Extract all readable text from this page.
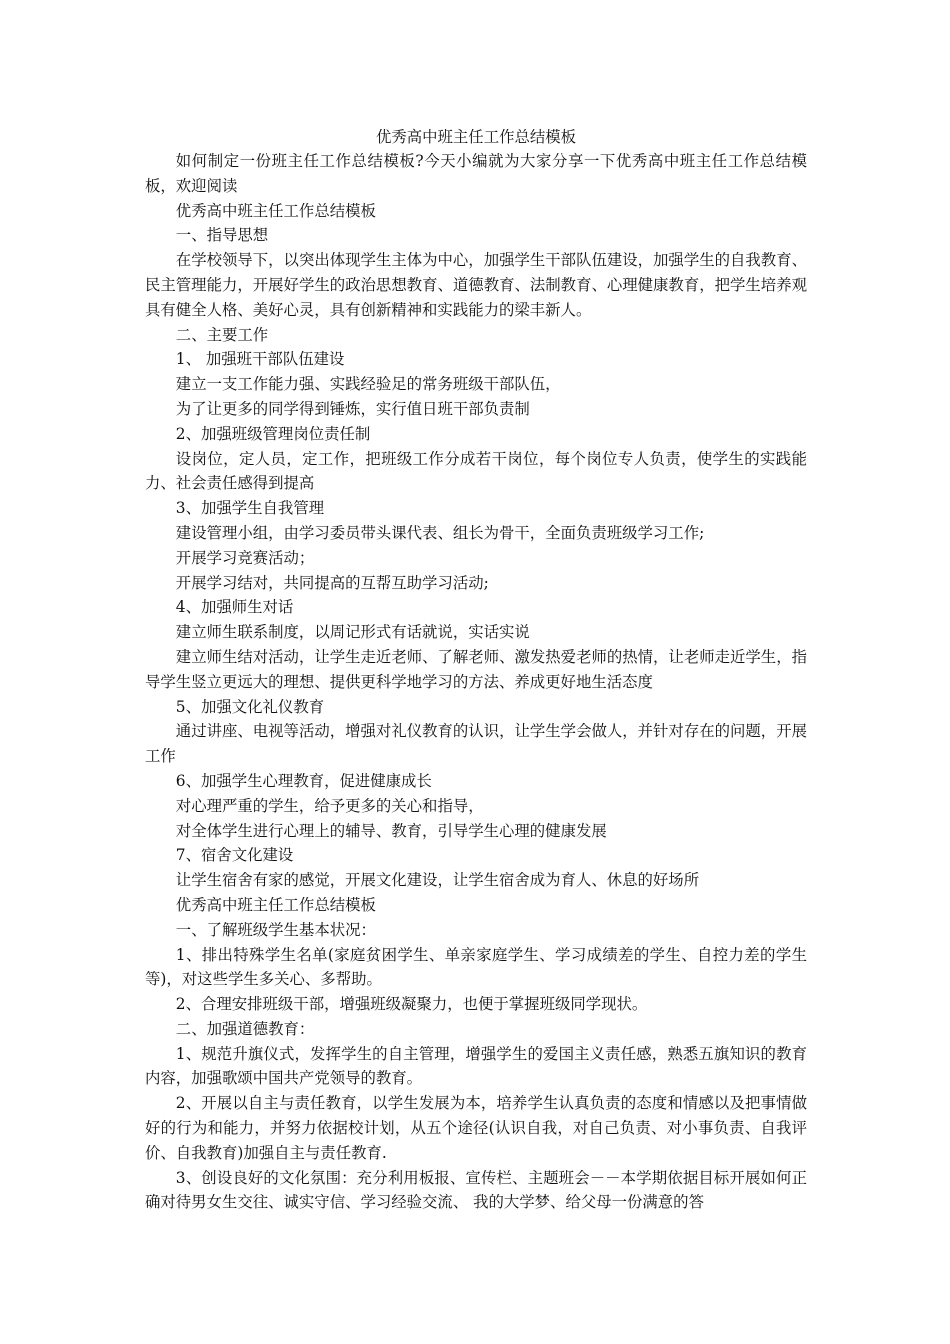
优秀高中班主任工作总结模板

如何制定一份班主任工作总结模板?今天小编就为大家分享一下优秀高中班主任工作总结模板，欢迎阅读

优秀高中班主任工作总结模板

一、指导思想

在学校领导下，以突出体现学生主体为中心，加强学生干部队伍建设，加强学生的自我教育、民主管理能力，开展好学生的政治思想教育、道德教育、法制教育、心理健康教育，把学生培养观具有健全人格、美好心灵，具有创新精神和实践能力的梁丰新人。

二、主要工作

1、 加强班干部队伍建设

建立一支工作能力强、实践经验足的常务班级干部队伍，

为了让更多的同学得到锤炼，实行值日班干部负责制

2、加强班级管理岗位责任制

设岗位，定人员，定工作，把班级工作分成若干岗位，每个岗位专人负责，使学生的实践能力、社会责任感得到提高

3、加强学生自我管理

建设管理小组，由学习委员带头课代表、组长为骨干，全面负责班级学习工作;

开展学习竞赛活动；

开展学习结对，共同提高的互帮互助学习活动;

4、加强师生对话

建立师生联系制度，以周记形式有话就说，实话实说

建立师生结对活动，让学生走近老师、了解老师、激发热爱老师的热情，让老师走近学生，指导学生竖立更远大的理想、提供更科学地学习的方法、养成更好地生活态度

5、加强文化礼仪教育

通过讲座、电视等活动，增强对礼仪教育的认识，让学生学会做人，并针对存在的问题，开展工作

6、加强学生心理教育，促进健康成长

对心理严重的学生，给予更多的关心和指导，

对全体学生进行心理上的辅导、教育，引导学生心理的健康发展

7、宿舍文化建设

让学生宿舍有家的感觉，开展文化建设，让学生宿舍成为育人、休息的好场所

优秀高中班主任工作总结模板

一、了解班级学生基本状况：

1、排出特殊学生名单(家庭贫困学生、单亲家庭学生、学习成绩差的学生、自控力差的学生等)，对这些学生多关心、多帮助。

2、合理安排班级干部，增强班级凝聚力，也便于掌握班级同学现状。

二、加强道德教育：

1、规范升旗仪式，发挥学生的自主管理，增强学生的爱国主义责任感，熟悉五旗知识的教育内容，加强歌颂中国共产党领导的教育。

2、开展以自主与责任教育，以学生发展为本，培养学生认真负责的态度和情感以及把事情做好的行为和能力，并努力依据校计划，从五个途径(认识自我，对自己负责、对小事负责、自我评价、自我教育)加强自主与责任教育.

3、创设良好的文化氛围：充分利用板报、宣传栏、主题班会－－本学期依据目标开展如何正确对待男女生交往、诚实守信、学习经验交流、 我的大学梦、给父母一份满意的答
